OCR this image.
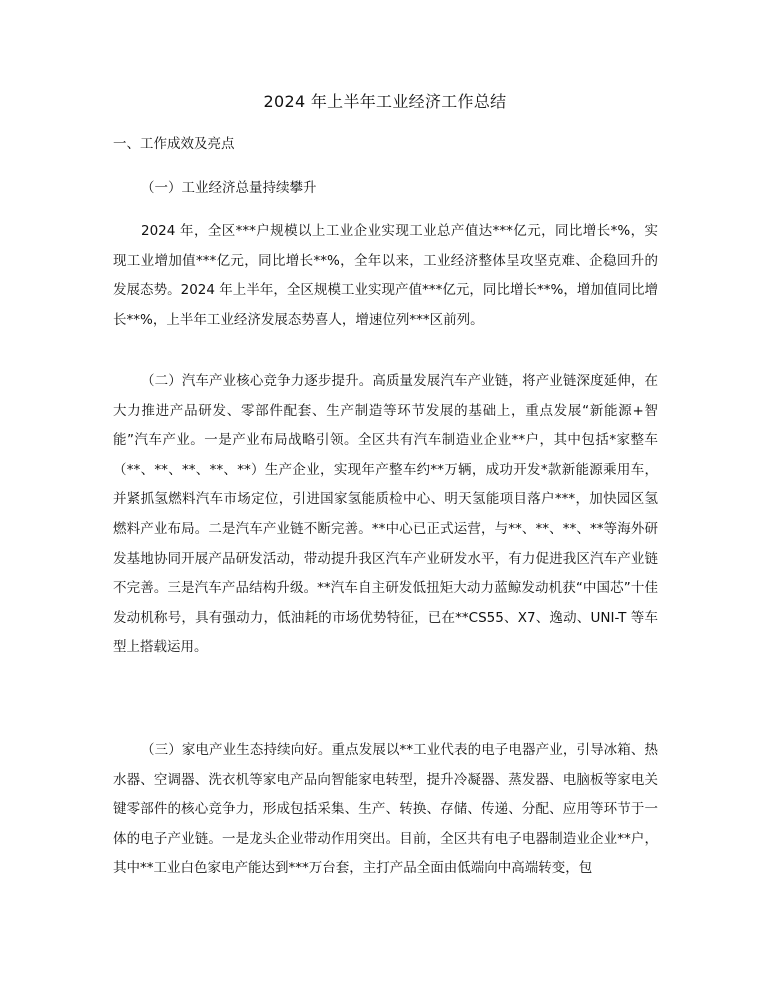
2024 年上半年工业经济工作总结
一、工作成效及亮点
（一）工业经济总量持续攀升

2024 年，全区***户规模以上工业企业实现工业总产值达***亿元，同比增长*%，实现工业增加值***亿元，同比增长**%，全年以来，工业经济整体呈攻坚克难、企稳回升的发展态势。2024 年上半年，全区规模工业实现产值***亿元，同比增长**%，增加值同比增长**%，上半年工业经济发展态势喜人，增速位列***区前列。

（二）汽车产业核心竞争力逐步提升。高质量发展汽车产业链，将产业链深度延伸，在大力推进产品研发、零部件配套、生产制造等环节发展的基础上，重点发展“新能源+智能”汽车产业。一是产业布局战略引领。全区共有汽车制造业企业**户，其中包括*家整车（**、**、**、**、**）生产企业，实现年产整车约**万辆，成功开发*款新能源乘用车，并紧抓氢燃料汽车市场定位，引进国家氢能质检中心、明天氢能项目落户***，加快园区氢燃料产业布局。二是汽车产业链不断完善。**中心已正式运营，与**、**、**、**等海外研发基地协同开展产品研发活动，带动提升我区汽车产业研发水平，有力促进我区汽车产业链不完善。三是汽车产品结构升级。**汽车自主研发低扭矩大动力蓝鲸发动机获“中国芯”十佳发动机称号，具有强动力，低油耗的市场优势特征，已在**CS55、X7、逸动、UNI-T 等车型上搭载运用。

（三）家电产业生态持续向好。重点发展以**工业代表的电子电器产业，引导冰箱、热水器、空调器、洗衣机等家电产品向智能家电转型，提升冷凝器、蒸发器、电脑板等家电关键零部件的核心竞争力，形成包括采集、生产、转换、存储、传递、分配、应用等环节于一体的电子产业链。一是龙头企业带动作用突出。目前，全区共有电子电器制造业企业**户，其中**工业白色家电产能达到***万台套，主打产品全面由低端向中高端转变，包
